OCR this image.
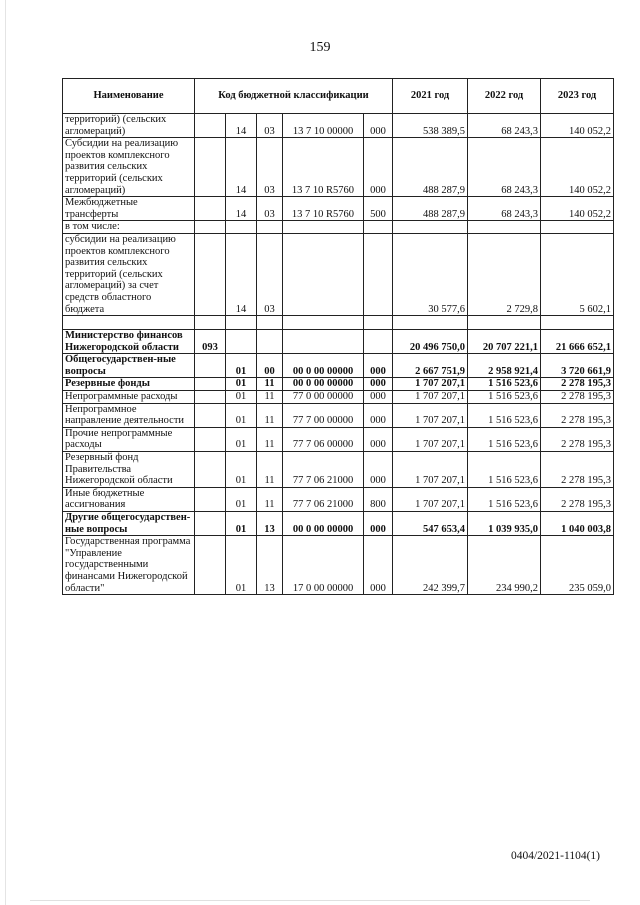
159
Наименование	Код бюджетной классификации					2021 год	2022 год	2023 год
территорий) (сельских агломераций)		14	03	13 7 10 00000	000	538 389,5	68 243,3	140 052,2
Субсидии на реализацию проектов комплексного развития сельских территорий (сельских агломераций)		14	03	13 7 10 R5760	000	488 287,9	68 243,3	140 052,2
Межбюджетные трансферты		14	03	13 7 10 R5760	500	488 287,9	68 243,3	140 052,2
в том числе:								
субсидии на реализацию проектов комплексного развития сельских территорий (сельских агломераций) за счет средств областного бюджета		14	03			30 577,6	2 729,8	5 602,1

Министерство финансов Нижегородской области	093					20 496 750,0	20 707 221,1	21 666 652,1
Общегосударствен-ные вопросы		01	00	00 0 00 00000	000	2 667 751,9	2 958 921,4	3 720 661,9
Резервные фонды		01	11	00 0 00 00000	000	1 707 207,1	1 516 523,6	2 278 195,3
Непрограммные расходы		01	11	77 0 00 00000	000	1 707 207,1	1 516 523,6	2 278 195,3
Непрограммное направление деятельности		01	11	77 7 00 00000	000	1 707 207,1	1 516 523,6	2 278 195,3
Прочие непрограммные расходы		01	11	77 7 06 00000	000	1 707 207,1	1 516 523,6	2 278 195,3
Резервный фонд Правительства Нижегородской области		01	11	77 7 06 21000	000	1 707 207,1	1 516 523,6	2 278 195,3
Иные бюджетные ассигнования		01	11	77 7 06 21000	800	1 707 207,1	1 516 523,6	2 278 195,3
Другие общегосударствен-ные вопросы		01	13	00 0 00 00000	000	547 653,4	1 039 935,0	1 040 003,8
Государственная программа "Управление государственными финансами Нижегородской области"		01	13	17 0 00 00000	000	242 399,7	234 990,2	235 059,0
0404/2021-1104(1)
